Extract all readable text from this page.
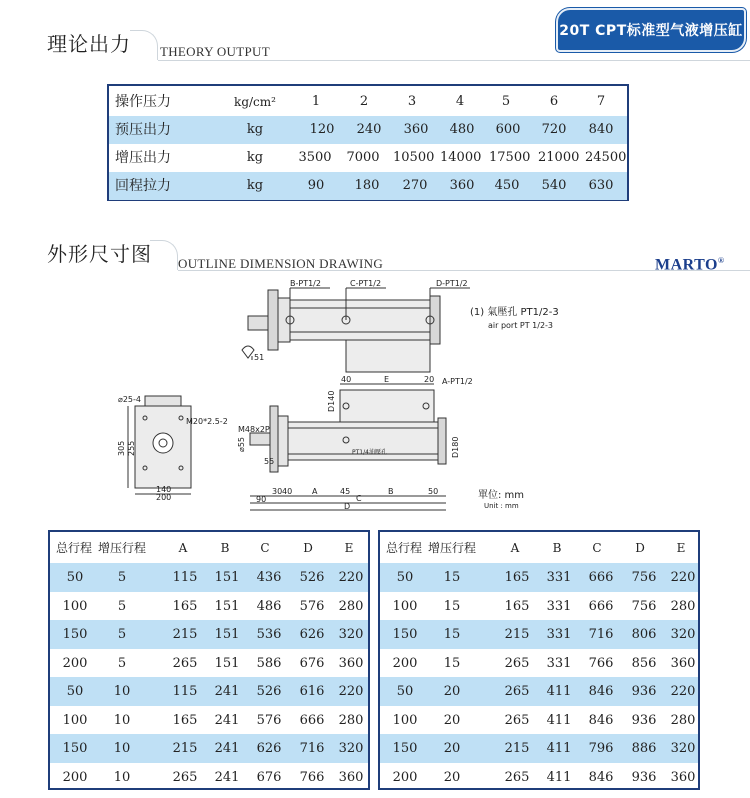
20T CPT标准型气液增压缸
理论出力 THEORY OUTPUT
操作压力	kg/cm²	1	2	3	4	5	6	7
预压出力	kg	120	240	360	480	600	720	840
增压出力	kg	3500 7000 10500 14000 17500 21000 24500
回程拉力	kg	90	180	270	360	450	540	630
外形尺寸图 OUTLINE DIMENSION DRAWING	MARTO®
B-PT1/2	C-PT1/2	D-PT1/2
(1) 氣壓孔 PT1/2-3
air port PT 1/2-3
51
40	E	20 A-PT1/2
D140
D180
⌀25-4
M20*2.5-2
305 255
140
200
M48x2P
⌀55
55
PT1/4油壓孔
90
30 40 A	45	B	50
C
D
單位: mm
Unit : mm
总行程 增压行程	A	B	C	D	E
50	5	115	151	436	526	220
100	5	165	151	486	576	280
150	5	215	151	536	626	320
200	5	265	151	586	676	360
50	10	115	241	526	616	220
100	10	165	241	576	666	280
150	10	215	241	626	716	320
200	10	265	241	676	766	360
总行程 增压行程	A	B	C	D	E
50	15	165	331	666	756	220
100	15	165	331	666	756	280
150	15	215	331	716	806	320
200	15	265	331	766	856	360
50	20	265	411	846	936	220
100	20	265	411	846	936	280
150	20	215	411	796	886	320
200	20	265	411	846	936	360
